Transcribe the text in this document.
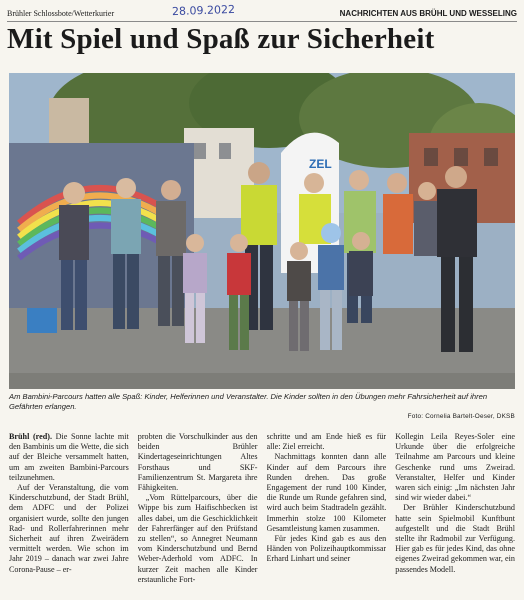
Brühler Schlossbote/Wetterkurier	28.09.2022	NACHRICHTEN AUS BRÜHL UND WESSELING
Mit Spiel und Spaß zur Sicherheit
ZEL
Am Bambini-Parcours hatten alle Spaß: Kinder, Helferinnen und Veranstalter. Die Kinder sollten in den Übungen mehr Fahrsicherheit auf ihren Gefährten erlangen.
Foto: Cornelia Bartelt-Oeser, DKSB

Brühl (red). Die Sonne lachte mit den Bambinis um die Wette, die sich auf der Bleiche versammelt hatten, um am zweiten Bambini-Parcours teilzunehmen.

Auf der Veranstaltung, die vom Kinderschutzbund, der Stadt Brühl, dem ADFC und der Polizei organisiert wurde, sollte den jungen Rad- und Rollerfahrerinnen mehr Sicherheit auf ihren Zweirädern vermittelt werden. Wie schon im Jahr 2019 – danach war zwei Jahre Corona-Pause – er-

probten die Vorschulkinder aus den beiden Brühler Kindertageseinrichtungen Altes Forsthaus und SKF-Familienzentrum St. Margareta ihre Fähigkeiten.

„Vom Rüttelparcours, über die Wippe bis zum Haifischbecken ist alles dabei, um die Geschicklichkeit der Fahrerfänger auf den Prüfstand zu stellen“, so Annegret Neumann vom Kinderschutzbund und Bernd Weber-Aderhold vom ADFC. In kurzer Zeit machen alle Kinder erstaunliche Fort-

schritte und am Ende hieß es für alle: Ziel erreicht.

Nachmittags konnten dann alle Kinder auf dem Parcours ihre Runden drehen. Das große Engagement der rund 100 Kinder, die Runde um Runde gefahren sind, wird auch beim Stadtradeln gezählt. Immerhin stolze 100 Kilometer Gesamtleistung kamen zusammen.

Für jedes Kind gab es aus den Händen von Polizeihauptkommissar Erhard Linhart und seiner

Kollegin Leila Reyes-Soler eine Urkunde über die erfolgreiche Teilnahme am Parcours und kleine Geschenke rund ums Zweirad. Veranstalter, Helfer und Kinder waren sich einig: „Im nächsten Jahr sind wir wieder dabei.“

Der Brühler Kinderschutzbund hatte sein Spielmobil Kunftbunt aufgestellt und die Stadt Brühl stellte ihr Radmobil zur Verfügung. Hier gab es für jedes Kind, das ohne eigenes Zweirad gekommen war, ein passendes Modell.
